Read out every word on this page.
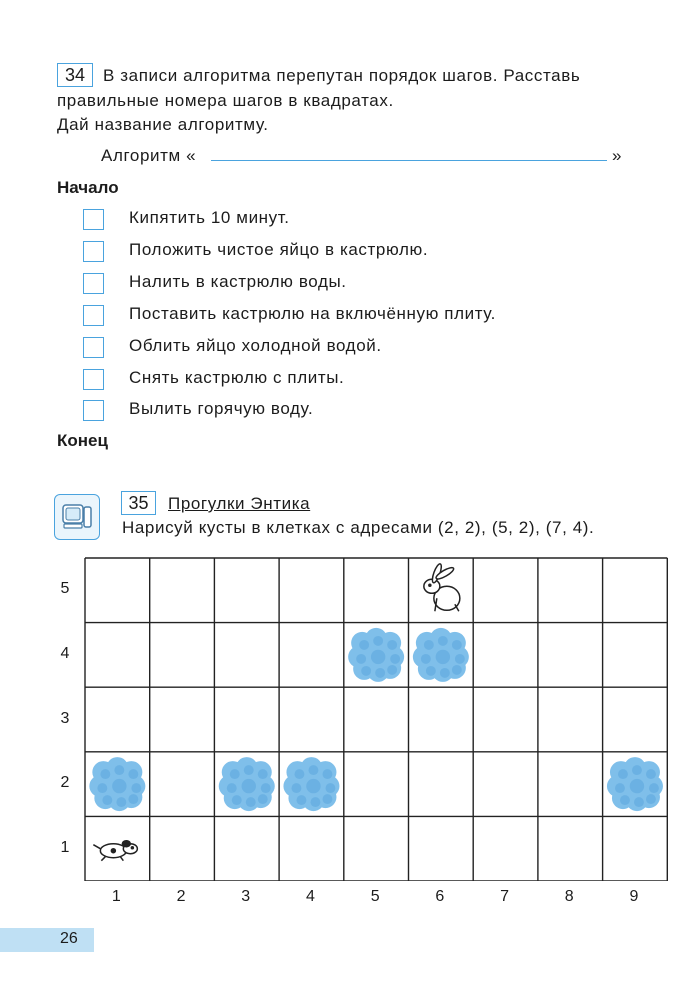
34	В записи алгоритма перепутан порядок шагов. Расставь
правильные номера шагов в квадратах.
Дай название алгоритму.
Алгоритм «	»
Начало
Кипятить 10 минут.
Положить чистое яйцо в кастрюлю.
Налить в кастрюлю воды.
Поставить кастрюлю на включённую плиту.
Облить яйцо холодной водой.
Снять кастрюлю с плиты.
Вылить горячую воду.
Конец
35	Прогулки Энтика
Нарисуй кусты в клетках с адресами (2, 2), (5, 2), (7, 4).
1	2	3	4	5	6	7	8	9
5
4
3
2
1
26
